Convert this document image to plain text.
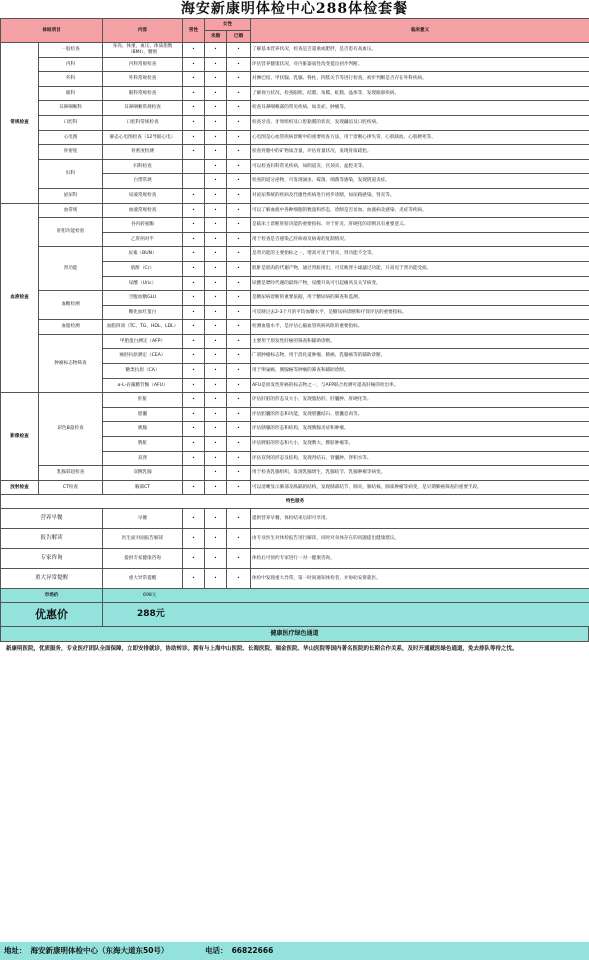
海安新康明体检中心288体检套餐
体检项目		内容	男性	女性		临床意义
				未婚	已婚	
常规检查	一般检查	身高、体重、血压、体质指数（BMI）、腰围	•	•	•	了解基本营养状况，检查是否超重或肥胖，是否患有高血压。
	内科	内科常规检查	•	•	•	评估营养健康状况，对内脏器质性改变提出初步判断。
	外科	外科常规检查	•	•	•	对淋巴结、甲状腺、乳腺、脊柱、四肢关节等进行检查，初步判断是否存在外科疾病。
	眼科	眼科常规检查	•	•	•	了解视力状况，检查眼睑、结膜、角膜、虹膜、晶体等，发现眼部疾病。
	耳鼻咽喉科	耳鼻咽喉常规检查	•	•	•	检查耳鼻咽喉部的常见疾病，如炎症、肿瘤等。
	口腔科	口腔科常规检查	•	•	•	检查牙齿、牙周组织及口腔黏膜的状况，发现龋齿及口腔疾病。
	心电图	静态心电图检查（12导联心电）	•	•	•	心电图是心血管疾病诊断中的重要检查方法，用于诊断心律失常、心肌缺血、心肌梗死等。
	骨密度	骨密度检测	•	•	•	检查骨骼中的矿物质含量，评估骨量状况，发现骨质疏松。
	妇科	妇科检查		•	•	可以检查妇科常见疾病，如阴道炎、宫颈炎、盆腔炎等。
		白带常规		•	•	检查阴道分泌物，可发现滴虫、霉菌、细菌等感染，发现阴道炎症。
	泌尿科	尿液常规检查	•	•	•	对泌尿系统的疾病及代谢性疾病进行初步诊断，如尿路感染、肾炎等。
血液检查	血常规	血液常规检查	•	•	•	可以了解血液中各种细胞的数量和形态，诊断是否贫血、血液病及感染、炎症等疾病。
	肝胆功能检验	谷丙转氨酶	•	•	•	是临床上诊断肝脏功能的重要指标，对于肝炎、肝硬化的诊断具有重要意义。
		乙肝两对半	•	•	•	用于检查是否感染乙肝病毒及病毒的复制情况。
	肾功能	尿素（BUN）	•	•	•	是肾功能的主要指标之一，增高可见于肾炎、肾功能不全等。
		肌酐（Cr）	•	•	•	肌酐是肌肉的代谢产物，通过肾脏排出，可反映肾小球滤过功能，升高见于肾功能受损。
		尿酸（Uric）	•	•	•	尿酸是嘌呤代谢的最终产物，尿酸升高可引起痛风及关节病变。
	血糖检测	空腹血糖GLU	•	•	•	是糖尿病诊断的重要依据，用于糖尿病的筛查和监测。
		糖化血红蛋白	•	•	•	可反映过去2-3个月的平均血糖水平，是糖尿病诊断和疗效评估的重要指标。
	血脂检测	血脂四项（TC、TG、HDL、LDL）	•	•	•	检测血脂水平，是评估心脑血管疾病风险的重要指标。
	肿瘤标志物筛查	甲胎蛋白测定（AFP）	•	•	•	主要用于原发性肝癌的筛查和辅助诊断。
		癌胚抗原测定（CEA）	•	•	•	广谱肿瘤标志物，用于消化道肿瘤、肺癌、乳腺癌等的辅助诊断。
		糖类抗原（CA）	•	•	•	用于卵巢癌、胰腺癌等肿瘤的筛查和辅助诊断。
		α-L-岩藻糖苷酶（AFU）	•	•	•	AFU是原发性肝癌的标志物之一，与AFP联合检测可提高肝癌的检出率。
影像检查	彩色B超检查	肝脏	•	•	•	评估肝脏的形态及大小，发现脂肪肝、肝囊肿、肝硬化等。
		胆囊	•	•	•	评估胆囊的形态和功能，发现胆囊结石、胆囊息肉等。
		胰腺	•	•	•	评估胰腺的形态和结构，发现胰腺炎症和肿瘤。
		脾脏	•	•	•	评估脾脏的形态和大小，发现脾大、脾脏肿瘤等。
		双肾	•	•	•	评估双肾的形态及结构，发现肾结石、肾囊肿、肾积水等。
	乳腺彩超检查	双侧乳腺		•	•	用于检查乳腺组织，发现乳腺增生、乳腺结节、乳腺肿瘤等病变。
放射检查	CT检查	胸部CT	•	•	•	可以清晰显示肺部及纵隔的结构，发现肺部结节、肺炎、肺结核、肺部肿瘤等病变，是早期肺癌筛查的重要手段。
特色服务						
营养早餐		早餐	•	•	•	提供营养早餐，体检结束后即可享用。
报告解读		医生面对面报告解读	•	•	•	由专业医生对体检报告进行解读，同时对身体存在的问题提出健康建议。
专家咨询		提供专家健康咨询	•	•	•	体检后可预约专家进行一对一健康咨询。
重大异常提醒		重大异常提醒	•	•	•	体检中发现重大异常，第一时间通知体检者，并协助安排就医。
市场价		698元				
优惠价		288元				
健康医疗绿色通道
新康明医院，优质服务，专业医疗团队全面保障，立即安排就诊，协助转诊。拥有与上海中山医院、长海医院、瑞金医院、华山医院等国内著名医院的长期合作关系，及时开通就医绿色通道，免去排队等待之忧。
地址： 海安新康明体检中心（东海大道东50号）	电话： 66822666
